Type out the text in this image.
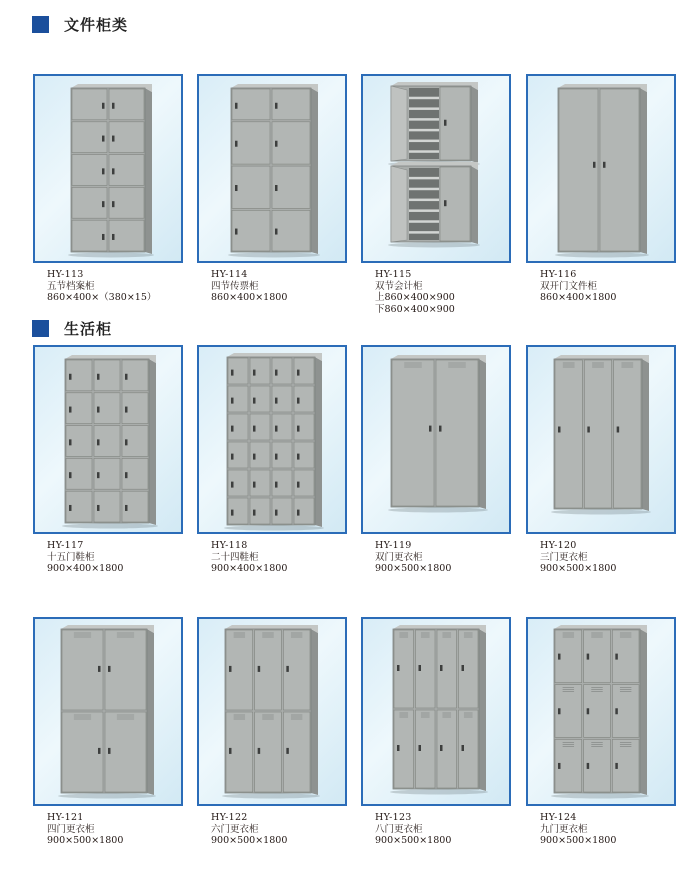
文件柜类
生活柜
HY-113
五节档案柜
860×400×（380×15）
HY-114
四节传票柜
860×400×1800
HY-115
双节会计柜
上860×400×900
下860×400×900
HY-116
双开门文件柜
860×400×1800
HY-117
十五门鞋柜
900×400×1800
HY-118
二十四鞋柜
900×400×1800
HY-119
双门更衣柜
900×500×1800
HY-120
三门更衣柜
900×500×1800
HY-121
四门更衣柜
900×500×1800
HY-122
六门更衣柜
900×500×1800
HY-123
八门更衣柜
900×500×1800
HY-124
九门更衣柜
900×500×1800
